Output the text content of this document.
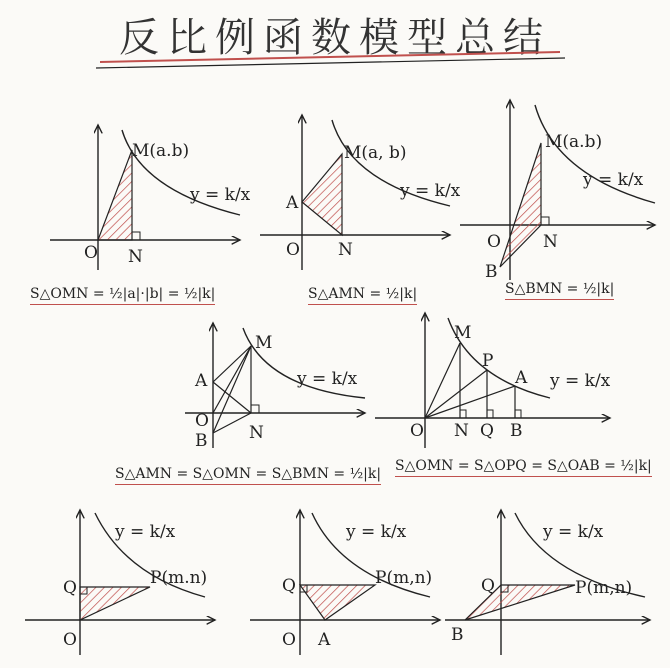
反比例函数模型总结
M(a.b)
y = k/x
O N
S△OMN = ½|a|·|b| = ½|k|
M(a, b)
y = k/x
A
O N
S△AMN = ½|k|
M(a.b)
y = k/x
O N
B
S△BMN = ½|k|
M
y = k/x
A
O
B N
S△AMN = S△OMN = S△BMN = ½|k|
M
P
A y = k/x
O N Q B
S△OMN = S△OPQ = S△OAB = ½|k|
P(m.n)
y = k/x
Q
O
P(m,n)
y = k/x
Q
O A
P(m,n)
y = k/x
Q
B
